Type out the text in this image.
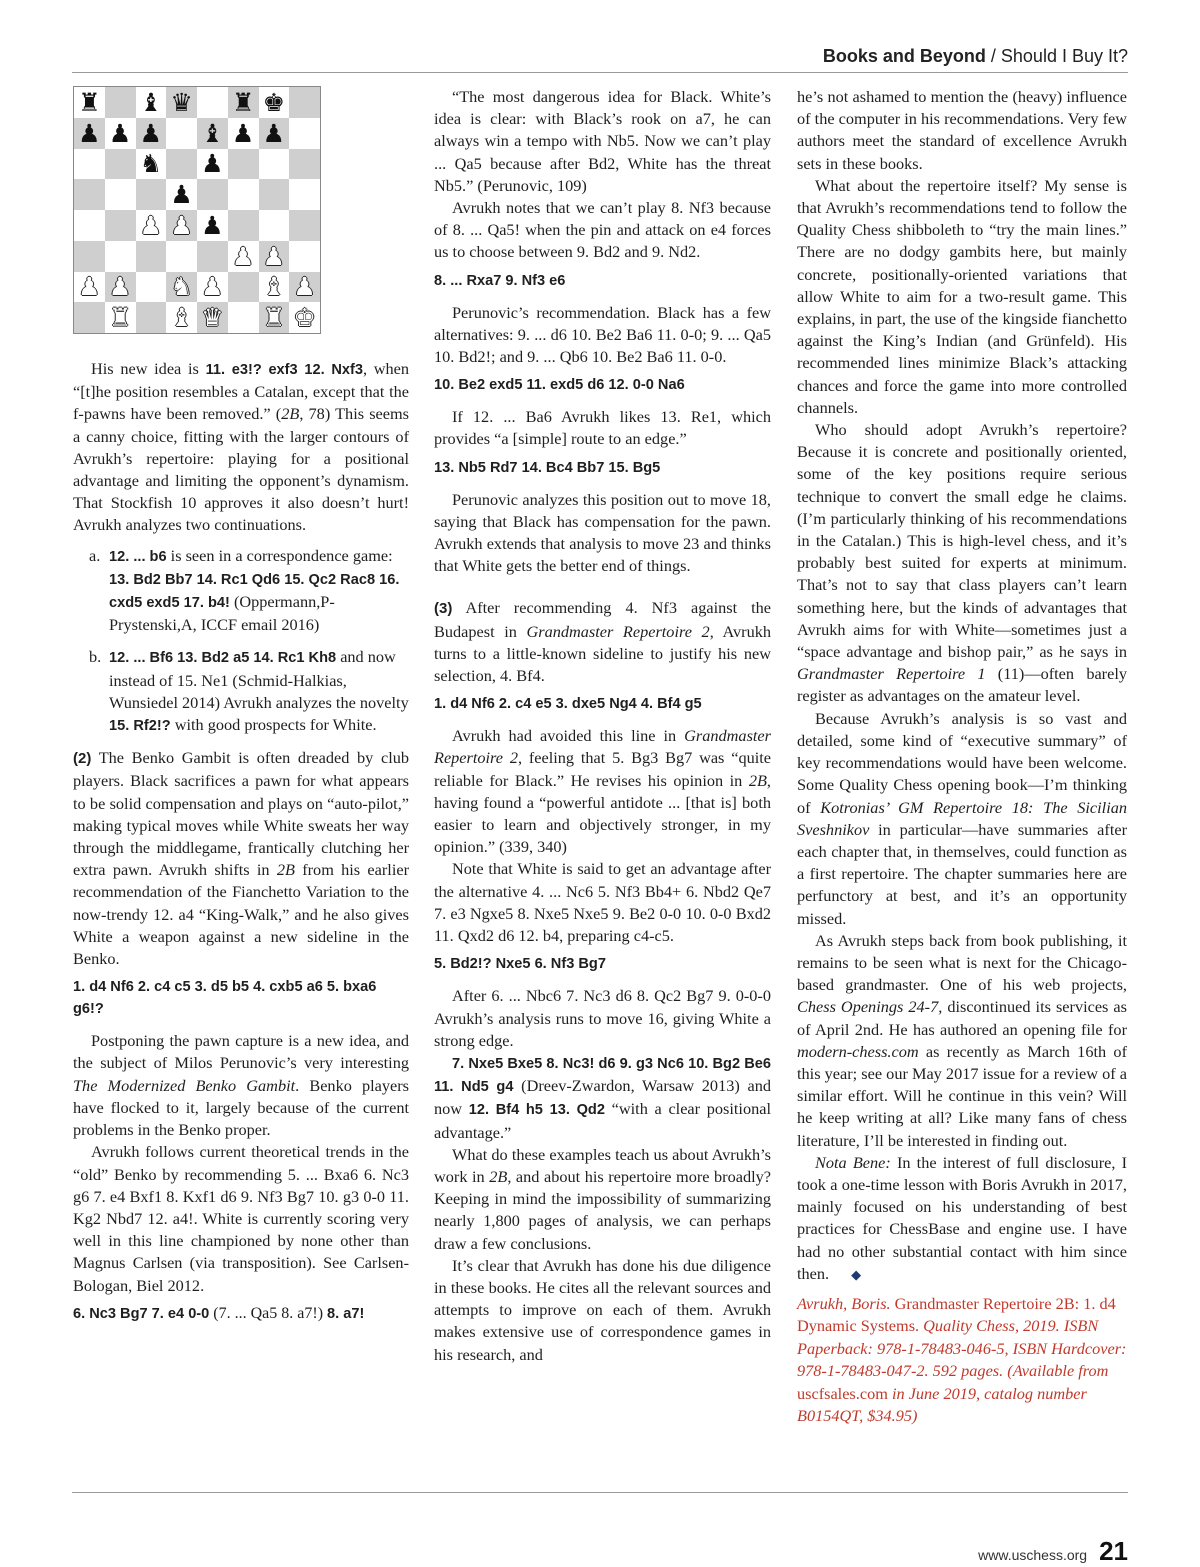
Books and Beyond / Should I Buy It?
♜ ♝ ♛ ♜ ♚
♟ ♟ ♟ ♝ ♟ ♟
♞ ♟
♟
♟ ♟ ♟
♟ ♟
♟ ♟ ♞ ♟ ♝ ♟
♜ ♝ ♛ ♜ ♚

His new idea is 11. e3!? exf3 12. Nxf3, when “[t]he position resembles a Catalan, except that the f-pawns have been removed.” (2B, 78) This seems a canny choice, fitting with the larger contours of Avrukh’s repertoire: playing for a positional advantage and limiting the opponent’s dynamism. That Stockfish 10 approves it also doesn’t hurt! Avrukh analyzes two continuations.

a. 12. ... b6 is seen in a correspondence game: 13. Bd2 Bb7 14. Rc1 Qd6 15. Qc2 Rac8 16. cxd5 exd5 17. b4! (Oppermann,P-Prystenski,A, ICCF email 2016)
b. 12. ... Bf6 13. Bd2 a5 14. Rc1 Kh8 and now instead of 15. Ne1 (Schmid-Halkias, Wunsiedel 2014) Avrukh analyzes the novelty 15. Rf2!? with good prospects for White.

(2) The Benko Gambit is often dreaded by club players. Black sacrifices a pawn for what appears to be solid compensation and plays on “auto-pilot,” making typical moves while White sweats her way through the middlegame, frantically clutching her extra pawn. Avrukh shifts in 2B from his earlier recommendation of the Fianchetto Variation to the now-trendy 12. a4 “King-Walk,” and he also gives White a weapon against a new sideline in the Benko.

1. d4 Nf6 2. c4 c5 3. d5 b5 4. cxb5 a6 5. bxa6 g6!?

Postponing the pawn capture is a new idea, and the subject of Milos Perunovic’s very interesting The Modernized Benko Gambit. Benko players have flocked to it, largely because of the current problems in the Benko proper.

Avrukh follows current theoretical trends in the “old” Benko by recommending 5. ... Bxa6 6. Nc3 g6 7. e4 Bxf1 8. Kxf1 d6 9. Nf3 Bg7 10. g3 0-0 11. Kg2 Nbd7 12. a4!. White is currently scoring very well in this line championed by none other than Magnus Carlsen (via transposition). See Carlsen-Bologan, Biel 2012.

6. Nc3 Bg7 7. e4 0-0 (7. ... Qa5 8. a7!) 8. a7!

“The most dangerous idea for Black. White’s idea is clear: with Black’s rook on a7, he can always win a tempo with Nb5. Now we can’t play ... Qa5 because after Bd2, White has the threat Nb5.” (Perunovic, 109)

Avrukh notes that we can’t play 8. Nf3 because of 8. ... Qa5! when the pin and attack on e4 forces us to choose between 9. Bd2 and 9. Nd2.

8. ... Rxa7 9. Nf3 e6

Perunovic’s recommendation. Black has a few alternatives: 9. ... d6 10. Be2 Ba6 11. 0-0; 9. ... Qa5 10. Bd2!; and 9. ... Qb6 10. Be2 Ba6 11. 0-0.

10. Be2 exd5 11. exd5 d6 12. 0-0 Na6

If 12. ... Ba6 Avrukh likes 13. Re1, which provides “a [simple] route to an edge.”

13. Nb5 Rd7 14. Bc4 Bb7 15. Bg5

Perunovic analyzes this position out to move 18, saying that Black has compensation for the pawn. Avrukh extends that analysis to move 23 and thinks that White gets the better end of things.

(3) After recommending 4. Nf3 against the Budapest in Grandmaster Repertoire 2, Avrukh turns to a little-known sideline to justify his new selection, 4. Bf4.

1. d4 Nf6 2. c4 e5 3. dxe5 Ng4 4. Bf4 g5

Avrukh had avoided this line in Grandmaster Repertoire 2, feeling that 5. Bg3 Bg7 was “quite reliable for Black.” He revises his opinion in 2B, having found a “powerful antidote ... [that is] both easier to learn and objectively stronger, in my opinion.” (339, 340)

Note that White is said to get an advantage after the alternative 4. ... Nc6 5. Nf3 Bb4+ 6. Nbd2 Qe7 7. e3 Ngxe5 8. Nxe5 Nxe5 9. Be2 0-0 10. 0-0 Bxd2 11. Qxd2 d6 12. b4, preparing c4-c5.

5. Bd2!? Nxe5 6. Nf3 Bg7

After 6. ... Nbc6 7. Nc3 d6 8. Qc2 Bg7 9. 0-0-0 Avrukh’s analysis runs to move 16, giving White a strong edge.

7. Nxe5 Bxe5 8. Nc3! d6 9. g3 Nc6 10. Bg2 Be6 11. Nd5 g4 (Dreev-Zwardon, Warsaw 2013) and now 12. Bf4 h5 13. Qd2 “with a clear positional advantage.”

What do these examples teach us about Avrukh’s work in 2B, and about his repertoire more broadly? Keeping in mind the impossibility of summarizing nearly 1,800 pages of analysis, we can perhaps draw a few conclusions.

It’s clear that Avrukh has done his due diligence in these books. He cites all the relevant sources and attempts to improve on each of them. Avrukh makes extensive use of correspondence games in his research, and

he’s not ashamed to mention the (heavy) influence of the computer in his recommendations. Very few authors meet the standard of excellence Avrukh sets in these books.

What about the repertoire itself? My sense is that Avrukh’s recommendations tend to follow the Quality Chess shibboleth to “try the main lines.” There are no dodgy gambits here, but mainly concrete, positionally-oriented variations that allow White to aim for a two-result game. This explains, in part, the use of the kingside fianchetto against the King’s Indian (and Grünfeld). His recommended lines minimize Black’s attacking chances and force the game into more controlled channels.

Who should adopt Avrukh’s repertoire? Because it is concrete and positionally oriented, some of the key positions require serious technique to convert the small edge he claims. (I’m particularly thinking of his recommendations in the Catalan.) This is high-level chess, and it’s probably best suited for experts at minimum. That’s not to say that class players can’t learn something here, but the kinds of advantages that Avrukh aims for with White—sometimes just a “space advantage and bishop pair,” as he says in Grandmaster Repertoire 1 (11)—often barely register as advantages on the amateur level.

Because Avrukh’s analysis is so vast and detailed, some kind of “executive summary” of key recommendations would have been welcome. Some Quality Chess opening book—I’m thinking of Kotronias’ GM Repertoire 18: The Sicilian Sveshnikov in particular—have summaries after each chapter that, in themselves, could function as a first repertoire. The chapter summaries here are perfunctory at best, and it’s an opportunity missed.

As Avrukh steps back from book publishing, it remains to be seen what is next for the Chicago-based grandmaster. One of his web projects, Chess Openings 24-7, discontinued its services as of April 2nd. He has authored an opening file for modern-chess.com as recently as March 16th of this year; see our May 2017 issue for a review of a similar effort. Will he continue in this vein? Will he keep writing at all? Like many fans of chess literature, I’ll be interested in finding out.

Nota Bene: In the interest of full disclosure, I took a one-time lesson with Boris Avrukh in 2017, mainly focused on his understanding of best practices for ChessBase and engine use. I have had no other substantial contact with him since then. ◆

Avrukh, Boris. Grandmaster Repertoire 2B: 1. d4 Dynamic Systems. Quality Chess, 2019. ISBN Paperback: 978-1-78483-046-5, ISBN Hardcover: 978-1-78483-047-2. 592 pages. (Available from uscfsales.com in June 2019, catalog number B0154QT, $34.95)
www.uschess.org 21
